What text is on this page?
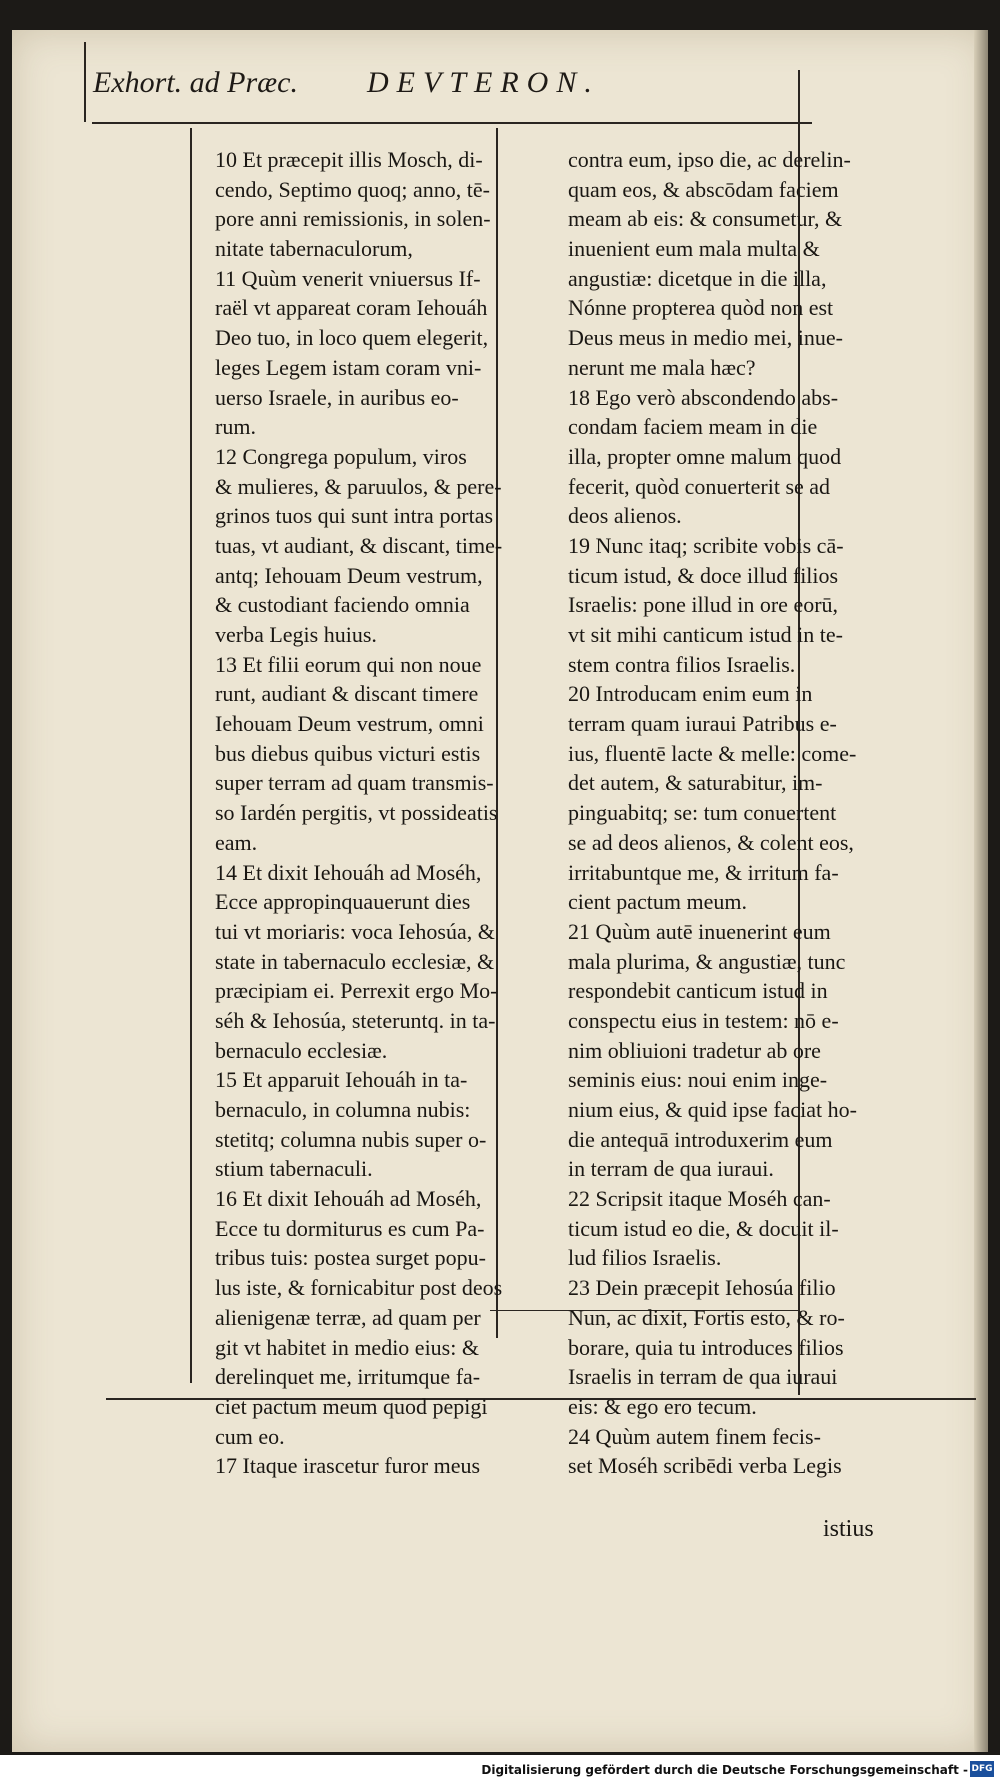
Exhort. ad Præc. DEVTERON.
10 Et præcepit illis Mosch, di-
cendo, Septimo quoq; anno, tē-
pore anni remissionis, in solen-
nitate tabernaculorum,
11 Quùm venerit vniuersus If-
raël vt appareat coram Iehouáh
Deo tuo, in loco quem elegerit,
leges Legem istam coram vni-
uerso Israele, in auribus eo-
rum.
12 Congrega populum, viros
& mulieres, & paruulos, & pere-
grinos tuos qui sunt intra portas
tuas, vt audiant, & discant, time-
antq; Iehouam Deum vestrum,
& custodiant faciendo omnia
verba Legis huius.
13 Et filii eorum qui non noue
runt, audiant & discant timere
Iehouam Deum vestrum, omni
bus diebus quibus victuri estis
super terram ad quam transmis-
so Iardén pergitis, vt possideatis
eam.
14 Et dixit Iehouáh ad Moséh,
Ecce appropinquauerunt dies
tui vt moriaris: voca Iehosúa, &
state in tabernaculo ecclesiæ, &
præcipiam ei. Perrexit ergo Mo-
séh & Iehosúa, steteruntq. in ta-
bernaculo ecclesiæ.
15 Et apparuit Iehouáh in ta-
bernaculo, in columna nubis:
stetitq; columna nubis super o-
stium tabernaculi.
16 Et dixit Iehouáh ad Moséh,
Ecce tu dormiturus es cum Pa-
tribus tuis: postea surget popu-
lus iste, & fornicabitur post deos
alienigenæ terræ, ad quam per
git vt habitet in medio eius: &
derelinquet me, irritumque fa-
ciet pactum meum quod pepigi
cum eo.
17 Itaque irascetur furor meus
contra eum, ipso die, ac derelin-
quam eos, & abscōdam faciem
meam ab eis: & consumetur, &
inuenient eum mala multa &
angustiæ: dicetque in die illa,
Nónne propterea quòd non est
Deus meus in medio mei, inue-
nerunt me mala hæc?
18 Ego verò abscondendo abs-
condam faciem meam in die
illa, propter omne malum quod
fecerit, quòd conuerterit se ad
deos alienos.
19 Nunc itaq; scribite vobis cā-
ticum istud, & doce illud filios
Israelis: pone illud in ore eorū,
vt sit mihi canticum istud in te-
stem contra filios Israelis.
20 Introducam enim eum in
terram quam iuraui Patribus e-
ius, fluentē lacte & melle: come-
det autem, & saturabitur, im-
pinguabitq; se: tum conuertent
se ad deos alienos, & colent eos,
irritabuntque me, & irritum fa-
cient pactum meum.
21 Quùm autē inuenerint eum
mala plurima, & angustiæ, tunc
respondebit canticum istud in
conspectu eius in testem: nō e-
nim obliuioni tradetur ab ore
seminis eius: noui enim inge-
nium eius, & quid ipse faciat ho-
die antequā introduxerim eum
in terram de qua iuraui.
22 Scripsit itaque Moséh can-
ticum istud eo die, & docuit il-
lud filios Israelis.
23 Dein præcepit Iehosúa filio
Nun, ac dixit, Fortis esto, & ro-
borare, quia tu introduces filios
Israelis in terram de qua iuraui
eis: & ego ero tecum.
24 Quùm autem finem fecis-
set Moséh scribēdi verba Legis
istius
Digitalisierung gefördert durch die Deutsche Forschungsgemeinschaft - DFG
